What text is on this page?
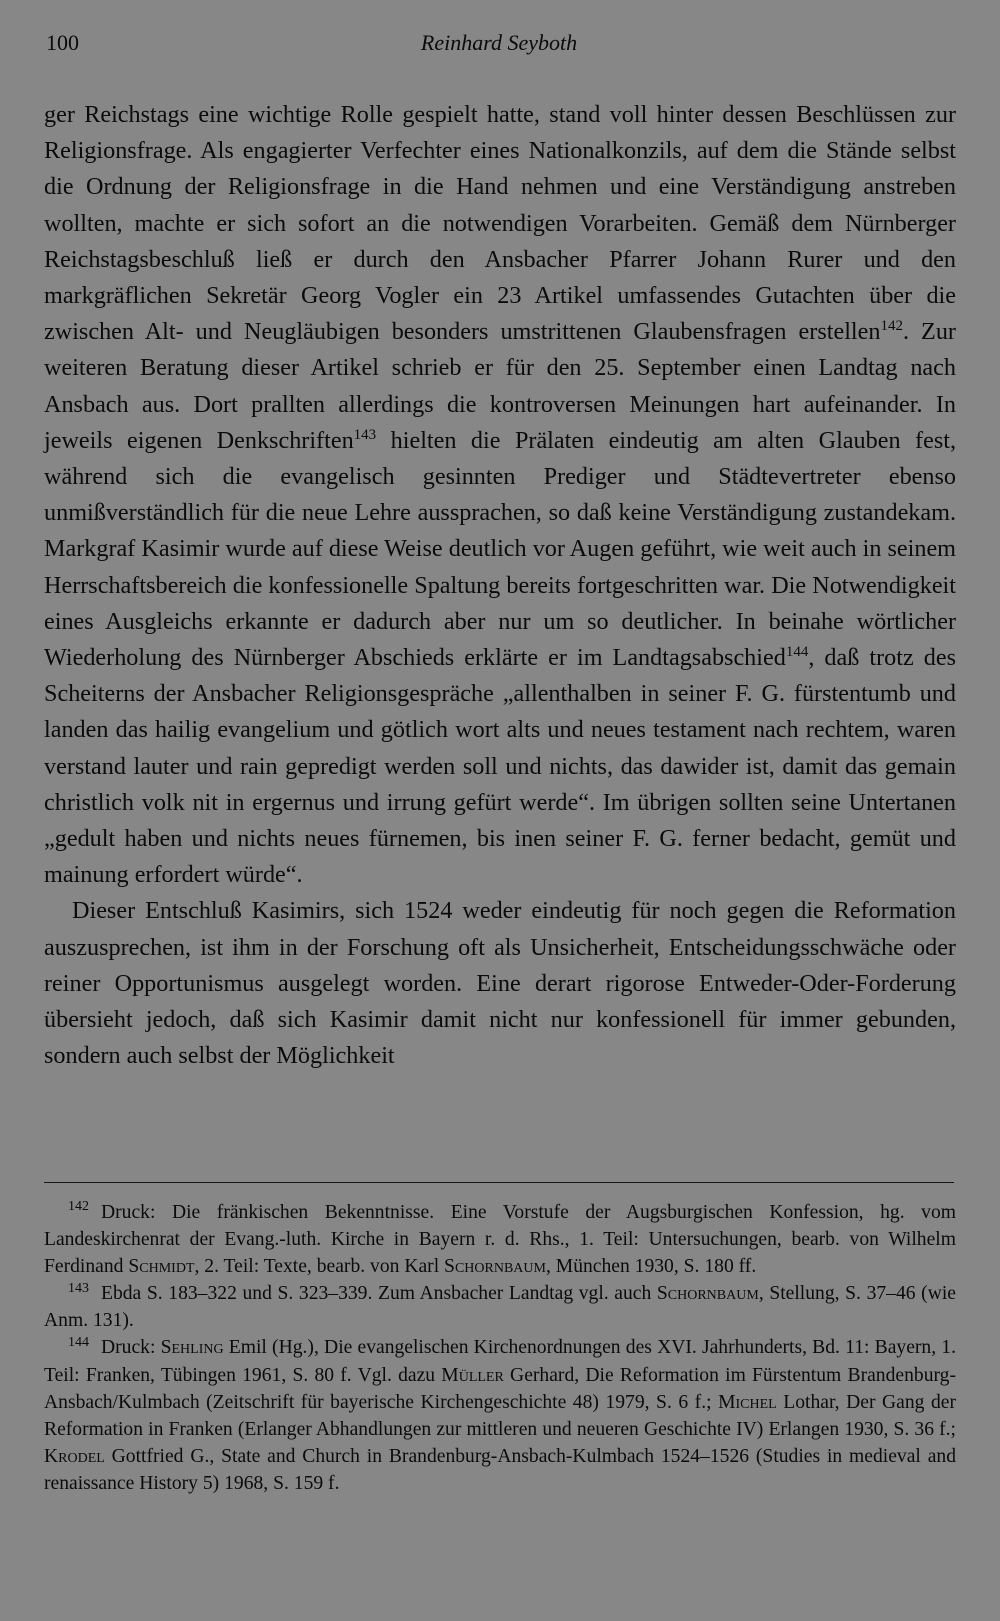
100	Reinhard Seyboth

ger Reichstags eine wichtige Rolle gespielt hatte, stand voll hinter dessen Beschlüssen zur Religionsfrage. Als engagierter Verfechter eines Nationalkonzils, auf dem die Stände selbst die Ordnung der Religionsfrage in die Hand nehmen und eine Verständigung anstreben wollten, machte er sich sofort an die notwendigen Vorarbeiten. Gemäß dem Nürnberger Reichstagsbeschluß ließ er durch den Ansbacher Pfarrer Johann Rurer und den markgräflichen Sekretär Georg Vogler ein 23 Artikel umfassendes Gutachten über die zwischen Alt- und Neugläubigen besonders umstrittenen Glaubensfragen erstellen$^{142}$. Zur weiteren Beratung dieser Artikel schrieb er für den 25. September einen Landtag nach Ansbach aus. Dort prallten allerdings die kontroversen Meinungen hart aufeinander. In jeweils eigenen Denkschriften$^{143}$ hielten die Prälaten eindeutig am alten Glauben fest, während sich die evangelisch gesinnten Prediger und Städtevertreter ebenso unmißverständlich für die neue Lehre aussprachen, so daß keine Verständigung zustandekam. Markgraf Kasimir wurde auf diese Weise deutlich vor Augen geführt, wie weit auch in seinem Herrschaftsbereich die konfessionelle Spaltung bereits fortgeschritten war. Die Notwendigkeit eines Ausgleichs erkannte er dadurch aber nur um so deutlicher. In beinahe wörtlicher Wiederholung des Nürnberger Abschieds erklärte er im Landtagsabschied$^{144}$, daß trotz des Scheiterns der Ansbacher Religionsgespräche „allenthalben in seiner F. G. fürstentumb und landen das hailig evangelium und götlich wort alts und neues testament nach rechtem, waren verstand lauter und rain gepredigt werden soll und nichts, das dawider ist, damit das gemain christlich volk nit in ergernus und irrung gefürt werde“. Im übrigen sollten seine Untertanen „gedult haben und nichts neues fürnemen, bis inen seiner F. G. ferner bedacht, gemüt und mainung erfordert würde“.

Dieser Entschluß Kasimirs, sich 1524 weder eindeutig für noch gegen die Reformation auszusprechen, ist ihm in der Forschung oft als Unsicherheit, Entscheidungsschwäche oder reiner Opportunismus ausgelegt worden. Eine derart rigorose Entweder-Oder-Forderung übersieht jedoch, daß sich Kasimir damit nicht nur konfessionell für immer gebunden, sondern auch selbst der Möglichkeit

$^{142}$ Druck: Die fränkischen Bekenntnisse. Eine Vorstufe der Augsburgischen Konfession, hg. vom Landeskirchenrat der Evang.-luth. Kirche in Bayern r. d. Rhs., 1. Teil: Untersuchungen, bearb. von Wilhelm Ferdinand Schmidt, 2. Teil: Texte, bearb. von Karl Schornbaum, München 1930, S. 180 ff.

$^{143}$ Ebda S. 183–322 und S. 323–339. Zum Ansbacher Landtag vgl. auch Schornbaum, Stellung, S. 37–46 (wie Anm. 131).

$^{144}$ Druck: Sehling Emil (Hg.), Die evangelischen Kirchenordnungen des XVI. Jahrhunderts, Bd. 11: Bayern, 1. Teil: Franken, Tübingen 1961, S. 80 f. Vgl. dazu Müller Gerhard, Die Reformation im Fürstentum Brandenburg-Ansbach/Kulmbach (Zeitschrift für bayerische Kirchengeschichte 48) 1979, S. 6 f.; Michel Lothar, Der Gang der Reformation in Franken (Erlanger Abhandlungen zur mittleren und neueren Geschichte IV) Erlangen 1930, S. 36 f.; Krodel Gottfried G., State and Church in Brandenburg-Ansbach-Kulmbach 1524–1526 (Studies in medieval and renaissance History 5) 1968, S. 159 f.
